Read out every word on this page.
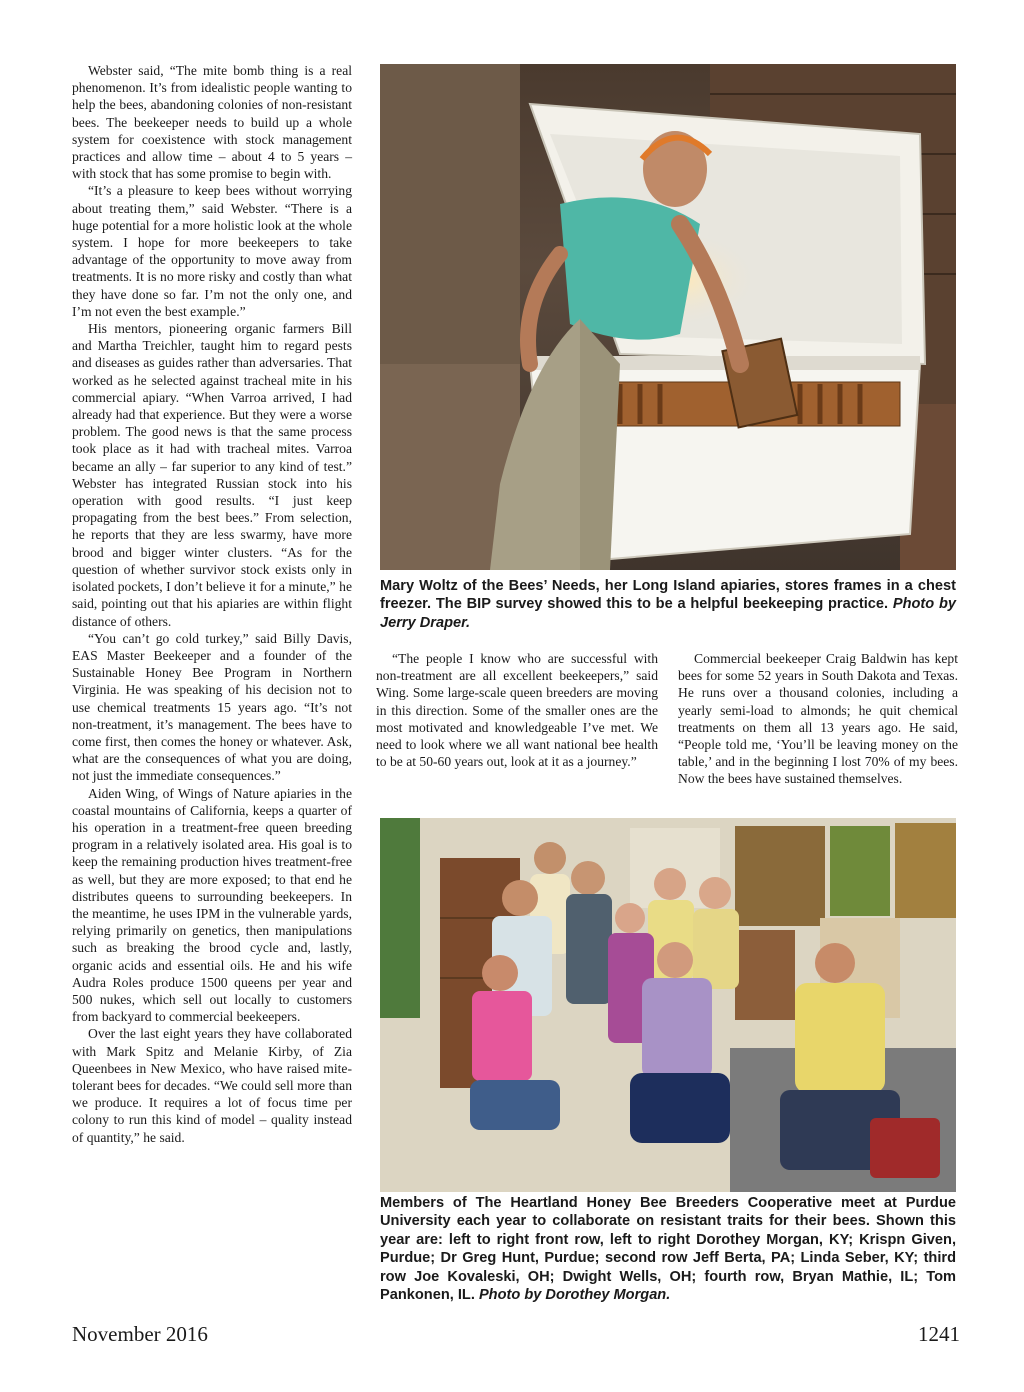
Webster said, “The mite bomb thing is a real phenomenon. It’s from idealistic people wanting to help the bees, abandoning colonies of non-resistant bees. The beekeeper needs to build up a whole system for coexistence with stock management practices and allow time – about 4 to 5 years – with stock that has some promise to begin with.

“It’s a pleasure to keep bees without worrying about treating them,” said Webster. “There is a huge potential for a more holistic look at the whole system. I hope for more beekeepers to take advantage of the opportunity to move away from treatments. It is no more risky and costly than what they have done so far. I’m not the only one, and I’m not even the best example.”

His mentors, pioneering organic farmers Bill and Martha Treichler, taught him to regard pests and diseases as guides rather than adversaries. That worked as he selected against tracheal mite in his commercial apiary. “When Varroa arrived, I had already had that experience. But they were a worse problem. The good news is that the same process took place as it had with tracheal mites. Varroa became an ally – far superior to any kind of test.” Webster has integrated Russian stock into his operation with good results. “I just keep propagating from the best bees.” From selection, he reports that they are less swarmy, have more brood and bigger winter clusters. “As for the question of whether survivor stock exists only in isolated pockets, I don’t believe it for a minute,” he said, pointing out that his apiaries are within flight distance of others.

“You can’t go cold turkey,” said Billy Davis, EAS Master Beekeeper and a founder of the Sustainable Honey Bee Program in Northern Virginia. He was speaking of his decision not to use chemical treatments 15 years ago. “It’s not non-treatment, it’s management. The bees have to come first, then comes the honey or whatever. Ask, what are the consequences of what you are doing, not just the immediate consequences.”

Aiden Wing, of Wings of Nature apiaries in the coastal mountains of California, keeps a quarter of his operation in a treatment-free queen breeding program in a relatively isolated area. His goal is to keep the remaining production hives treatment-free as well, but they are more exposed; to that end he distributes queens to surrounding beekeepers. In the meantime, he uses IPM in the vulnerable yards, relying primarily on genetics, then manipulations such as breaking the brood cycle and, lastly, organic acids and essential oils. He and his wife Audra Roles produce 1500 queens per year and 500 nukes, which sell out locally to customers from backyard to commercial beekeepers.

Over the last eight years they have collaborated with Mark Spitz and Melanie Kirby, of Zia Queenbees in New Mexico, who have raised mite-tolerant bees for decades. “We could sell more than we produce. It requires a lot of focus time per colony to run this kind of model – quality instead of quantity,” he said.

Mary Woltz of the Bees’ Needs, her Long Island apiaries, stores frames in a chest freezer. The BIP survey showed this to be a helpful beekeeping practice. Photo by Jerry Draper.

“The people I know who are successful with non-treatment are all excellent beekeepers,” said Wing. Some large-scale queen breeders are moving in this direction. Some of the smaller ones are the most motivated and knowledgeable I’ve met. We need to look where we all want national bee health to be at 50-60 years out, look at it as a journey.”

Commercial beekeeper Craig Baldwin has kept bees for some 52 years in South Dakota and Texas. He runs over a thousand colonies, including a yearly semi-load to almonds; he quit chemical treatments on them all 13 years ago. He said, “People told me, ‘You’ll be leaving money on the table,’ and in the beginning I lost 70% of my bees. Now the bees have sustained themselves.

Members of The Heartland Honey Bee Breeders Cooperative meet at Purdue University each year to collaborate on resistant traits for their bees. Shown this year are: left to right front row, left to right Dorothey Morgan, KY; Krispn Given, Purdue; Dr Greg Hunt, Purdue; second row Jeff Berta, PA; Linda Seber, KY; third row Joe Kovaleski, OH; Dwight Wells, OH; fourth row, Bryan Mathie, IL; Tom Pankonen, IL. Photo by Dorothey Morgan.
November 2016	1241
